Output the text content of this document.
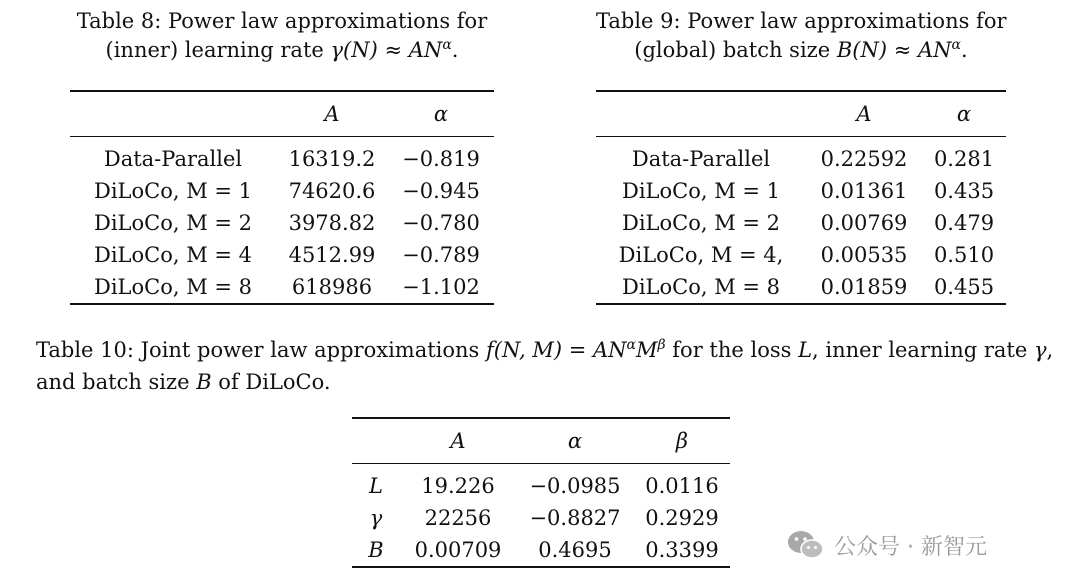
Table 8: Power law approximations for
(inner) learning rate $\gamma(N) \approx AN^\alpha$.
	A	α
Data-Parallel	16319.2	−0.819
DiLoCo, M = 1	74620.6	−0.945
DiLoCo, M = 2	3978.82	−0.780
DiLoCo, M = 4	4512.99	−0.789
DiLoCo, M = 8	618986	−1.102
Table 9: Power law approximations for
(global) batch size $B(N) \approx AN^\alpha$.
	A	α
Data-Parallel	0.22592	0.281
DiLoCo, M = 1	0.01361	0.435
DiLoCo, M = 2	0.00769	0.479
DiLoCo, M = 4,	0.00535	0.510
DiLoCo, M = 8	0.01859	0.455
Table 10: Joint power law approximations f(N, $M) = AN^\alpha M^\beta$ for the loss L, inner learning rate γ,
and batch size B of DiLoCo.
	A	α	β
L	19.226	−0.0985	0.0116
γ	22256	−0.8827	0.2929
B	0.00709	0.4695	0.3399	公众号 · 新智元
